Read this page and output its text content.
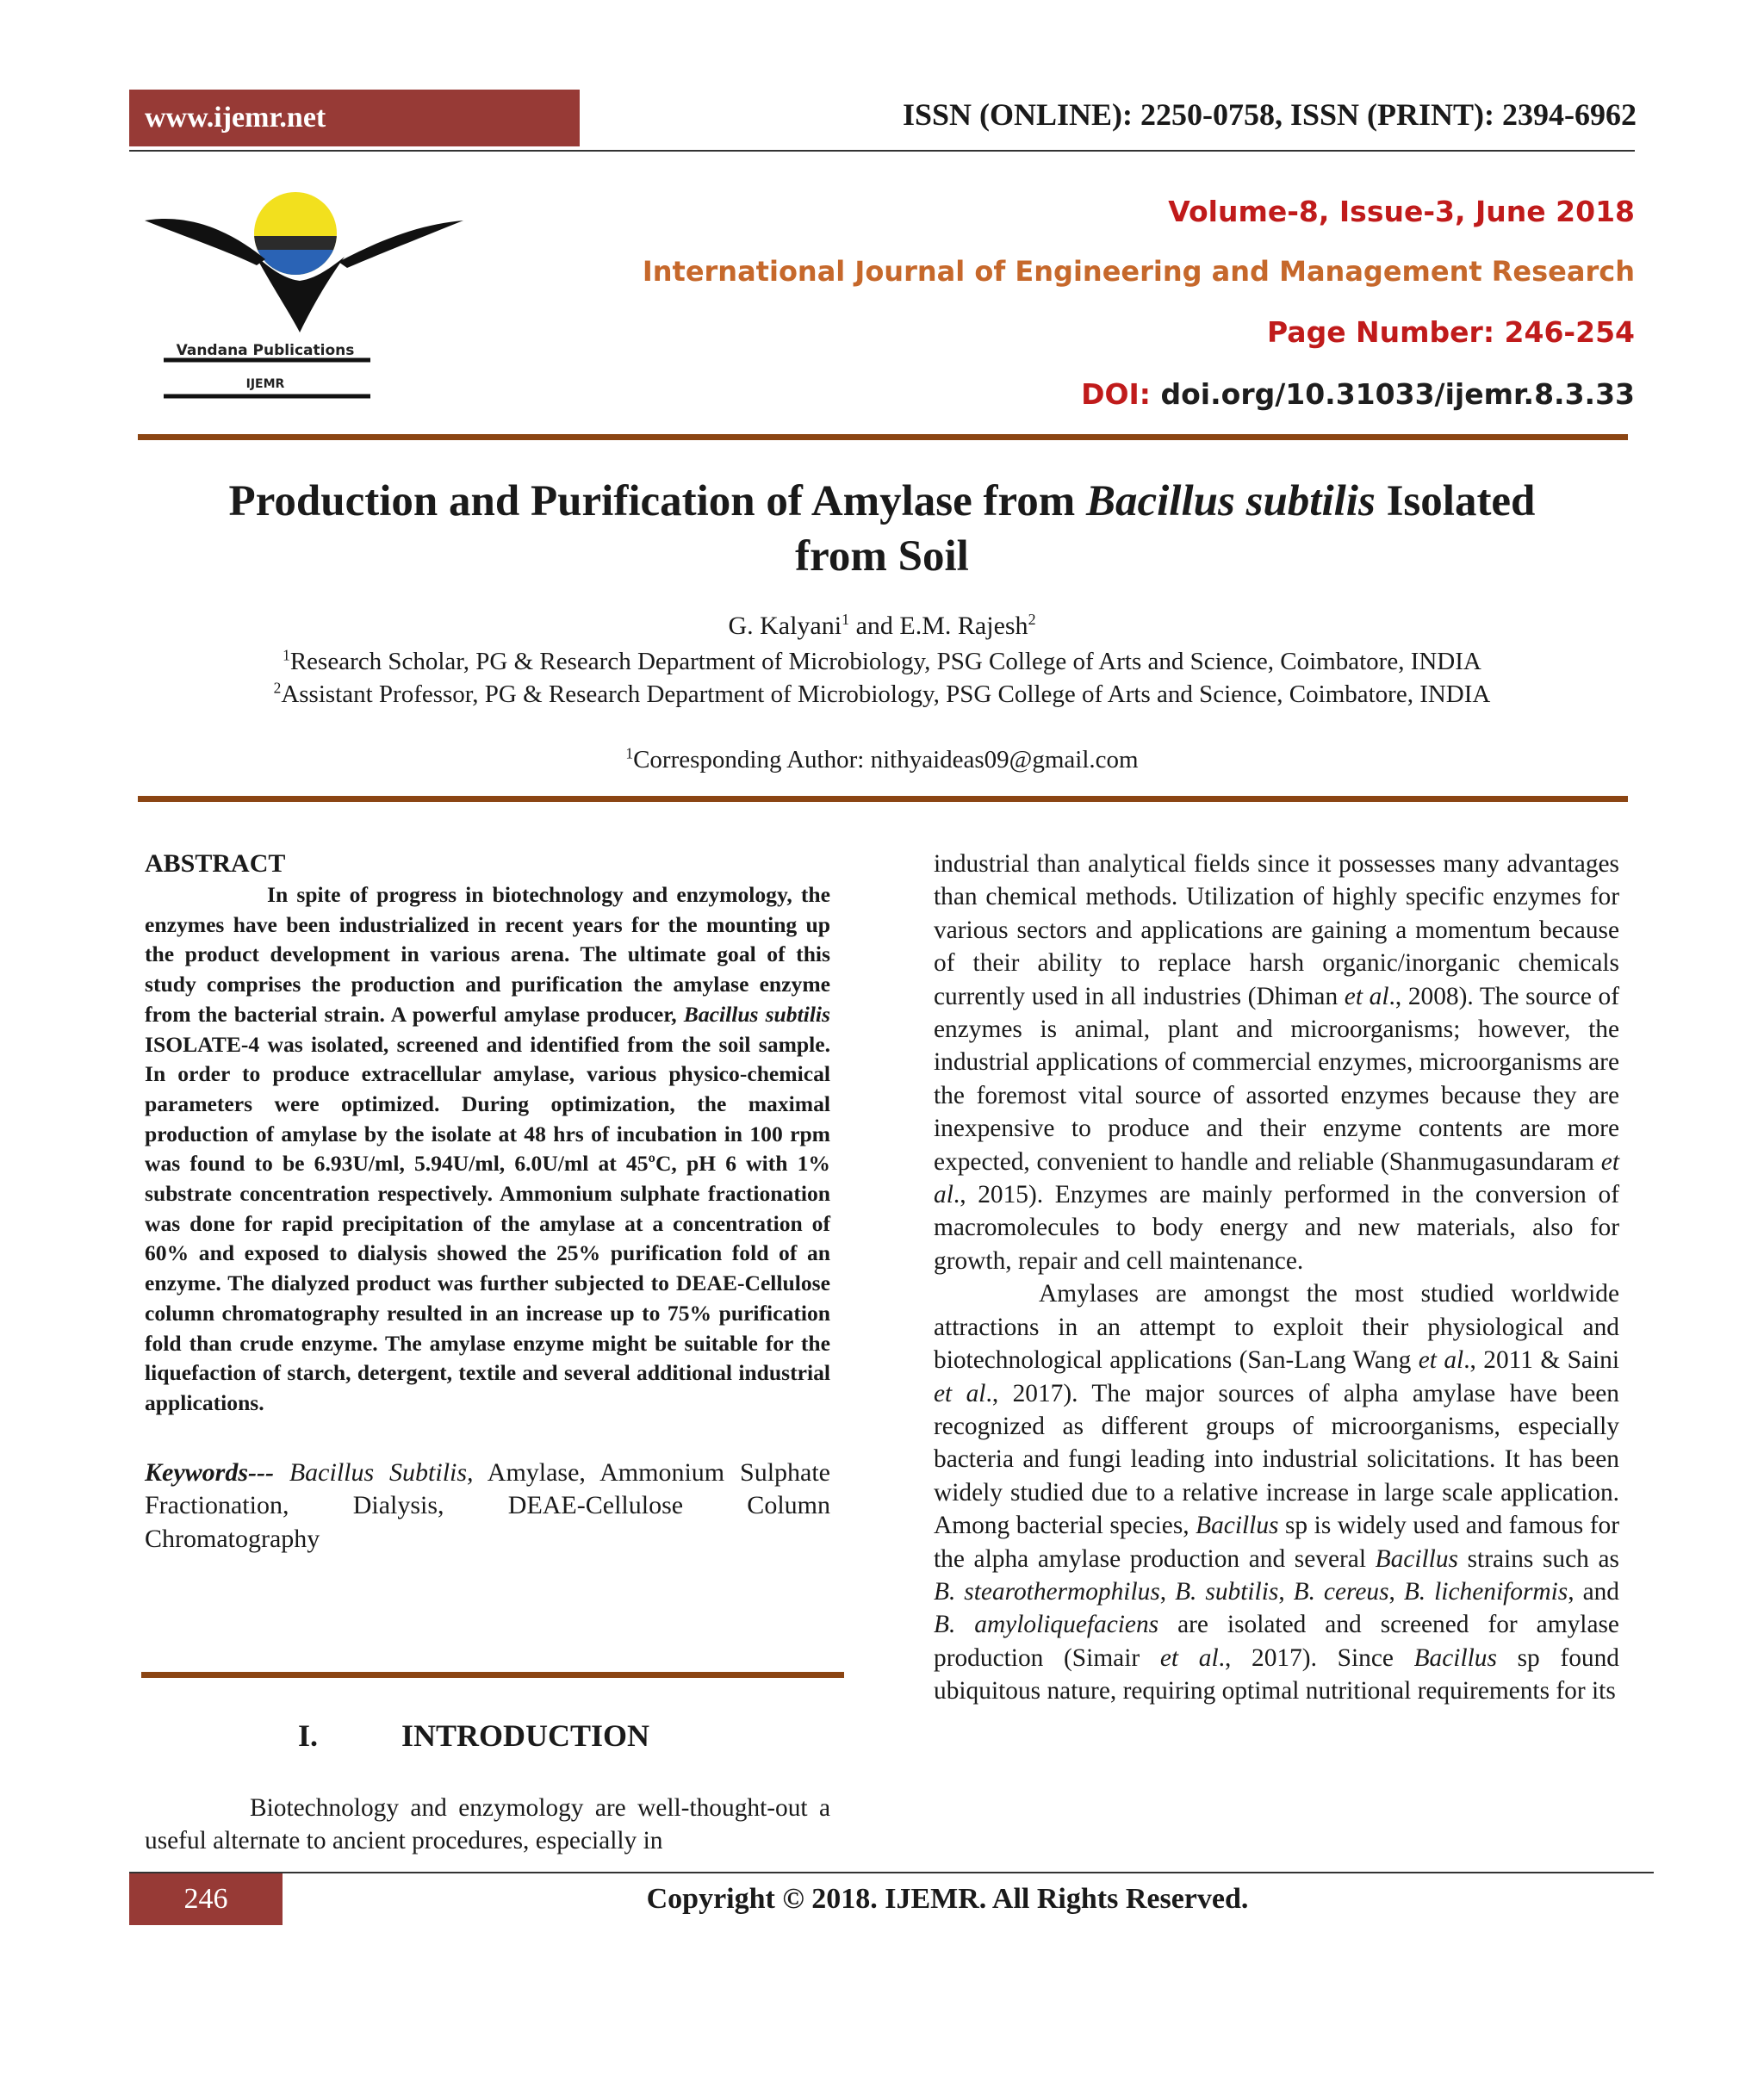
www.ijemr.net	ISSN (ONLINE): 2250-0758, ISSN (PRINT): 2394-6962
Vandana Publications
IJEMR
Volume-8, Issue-3, June 2018
International Journal of Engineering and Management Research
Page Number: 246-254
DOI: doi.org/10.31033/ijemr.8.3.33
Production and Purification of Amylase from Bacillus subtilis Isolated
from Soil
G. Kalyani$^1$ and E.M. Rajesh$^2$
$^1$Research Scholar, PG & Research Department of Microbiology, PSG College of Arts and Science, Coimbatore, INDIA
$^2$Assistant Professor, PG & Research Department of Microbiology, PSG College of Arts and Science, Coimbatore, INDIA
$^1$Corresponding Author: nithyaideas09@gmail.com
ABSTRACT

In spite of progress in biotechnology and enzymology, the enzymes have been industrialized in recent years for the mounting up the product development in various arena. The ultimate goal of this study comprises the production and purification the amylase enzyme from the bacterial strain. A powerful amylase producer, Bacillus subtilis ISOLATE-4 was isolated, screened and identified from the soil sample. In order to produce extracellular amylase, various physico-chemical parameters were optimized. During optimization, the maximal production of amylase by the isolate at 48 hrs of incubation in 100 rpm was found to be 6.93U/ml, 5.94U/ml, 6.0U/ml at 45ºC, pH 6 with 1% substrate concentration respectively. Ammonium sulphate fractionation was done for rapid precipitation of the amylase at a concentration of 60% and exposed to dialysis showed the 25% purification fold of an enzyme. The dialyzed product was further subjected to DEAE-Cellulose column chromatography resulted in an increase up to 75% purification fold than crude enzyme. The amylase enzyme might be suitable for the liquefaction of starch, detergent, textile and several additional industrial applications.

Keywords--- Bacillus Subtilis, Amylase, Ammonium Sulphate Fractionation, Dialysis, DEAE-Cellulose Column Chromatography

I.	INTRODUCTION

Biotechnology and enzymology are well-thought-out a useful alternate to ancient procedures, especially in

industrial than analytical fields since it possesses many advantages than chemical methods. Utilization of highly specific enzymes for various sectors and applications are gaining a momentum because of their ability to replace harsh organic/inorganic chemicals currently used in all industries (Dhiman et al., 2008). The source of enzymes is animal, plant and microorganisms; however, the industrial applications of commercial enzymes, microorganisms are the foremost vital source of assorted enzymes because they are inexpensive to produce and their enzyme contents are more expected, convenient to handle and reliable (Shanmugasundaram et al., 2015). Enzymes are mainly performed in the conversion of macromolecules to body energy and new materials, also for growth, repair and cell maintenance.

Amylases are amongst the most studied worldwide attractions in an attempt to exploit their physiological and biotechnological applications (San-Lang Wang et al., 2011 & Saini et al., 2017). The major sources of alpha amylase have been recognized as different groups of microorganisms, especially bacteria and fungi leading into industrial solicitations. It has been widely studied due to a relative increase in large scale application. Among bacterial species, Bacillus sp is widely used and famous for the alpha amylase production and several Bacillus strains such as B. stearothermophilus, B. subtilis, B. cereus, B. licheniformis, and B. amyloliquefaciens are isolated and screened for amylase production (Simair et al., 2017). Since Bacillus sp found ubiquitous nature, requiring optimal nutritional requirements for its

246	Copyright © 2018. IJEMR. All Rights Reserved.
